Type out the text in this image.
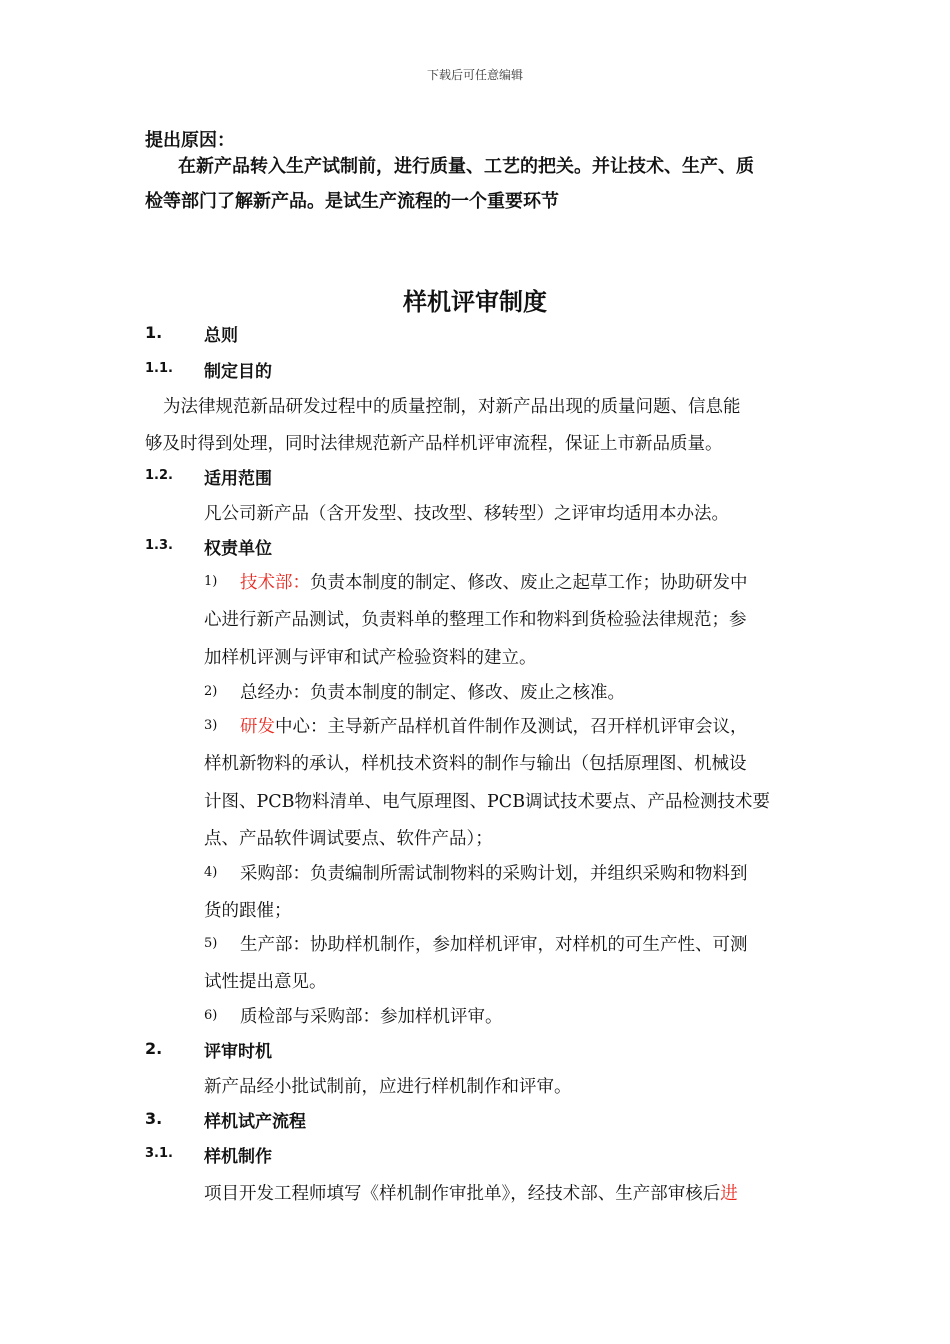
下载后可任意编辑
提出原因：
在新产品转入生产试制前，进行质量、工艺的把关。并让技术、生产、质
检等部门了解新产品。是试生产流程的一个重要环节
样机评审制度
1. 总则
1.1. 制定目的
为法律规范新品研发过程中的质量控制，对新产品出现的质量问题、信息能
够及时得到处理，同时法律规范新产品样机评审流程，保证上市新品质量。
1.2. 适用范围
凡公司新产品（含开发型、技改型、移转型）之评审均适用本办法。
1.3. 权责单位
1) 技术部：负责本制度的制定、修改、废止之起草工作；协助研发中
心进行新产品测试，负责料单的整理工作和物料到货检验法律规范；参
加样机评测与评审和试产检验资料的建立。
2) 总经办：负责本制度的制定、修改、废止之核准。
3) 研发中心：主导新产品样机首件制作及测试，召开样机评审会议，
样机新物料的承认，样机技术资料的制作与输出（包括原理图、机械设
计图、PCB物料清单、电气原理图、PCB调试技术要点、产品检测技术要
点、产品软件调试要点、软件产品）；
4) 采购部：负责编制所需试制物料的采购计划，并组织采购和物料到
货的跟催；
5) 生产部：协助样机制作，参加样机评审，对样机的可生产性、可测
试性提出意见。
6) 质检部与采购部：参加样机评审。
2. 评审时机
新产品经小批试制前，应进行样机制作和评审。
3. 样机试产流程
3.1. 样机制作
项目开发工程师填写《样机制作审批单》，经技术部、生产部审核后进
